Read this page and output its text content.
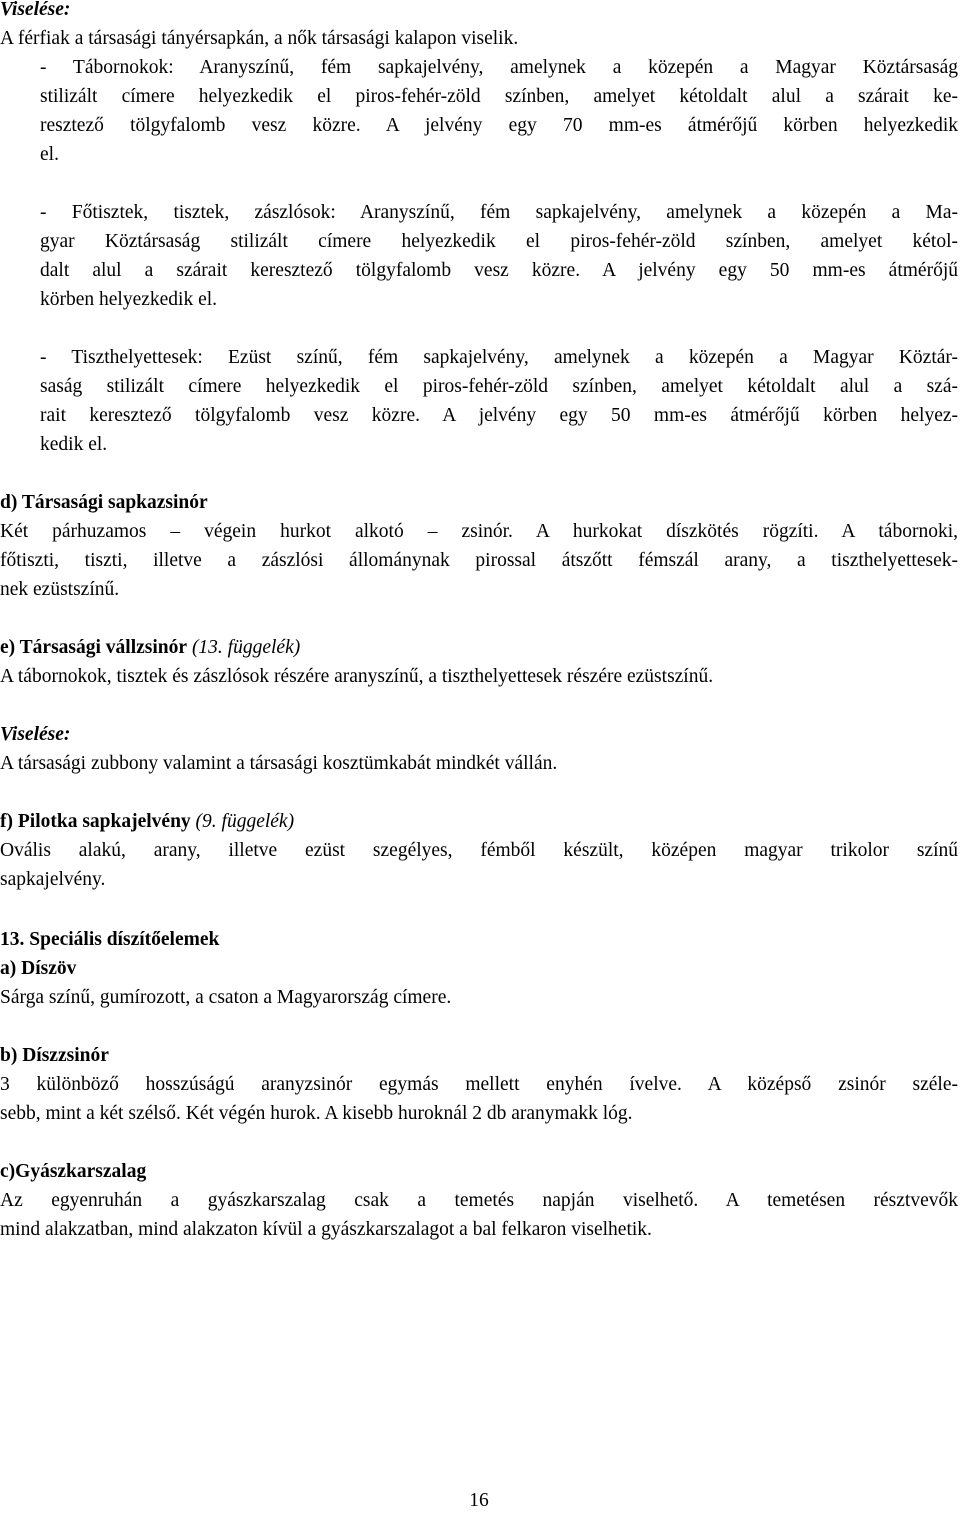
Viselése:
A férfiak a társasági tányérsapkán, a nők társasági kalapon viselik.
- Tábornokok: Aranyszínű, fém sapkajelvény, amelynek a közepén a Magyar Köztársaság
stilizált címere helyezkedik el piros-fehér-zöld színben, amelyet kétoldalt alul a szárait ke-
resztező tölgyfalomb vesz közre. A jelvény egy 70 mm-es átmérőjű körben helyezkedik
el.
- Főtisztek, tisztek, zászlósok: Aranyszínű, fém sapkajelvény, amelynek a közepén a Ma-
gyar Köztársaság stilizált címere helyezkedik el piros-fehér-zöld színben, amelyet kétol-
dalt alul a szárait keresztező tölgyfalomb vesz közre. A jelvény egy 50 mm-es átmérőjű
körben helyezkedik el.
- Tiszthelyettesek: Ezüst színű, fém sapkajelvény, amelynek a közepén a Magyar Köztár-
saság stilizált címere helyezkedik el piros-fehér-zöld színben, amelyet kétoldalt alul a szá-
rait keresztező tölgyfalomb vesz közre. A jelvény egy 50 mm-es átmérőjű körben helyez-
kedik el.
d) Társasági sapkazsinór
Két párhuzamos – végein hurkot alkotó – zsinór. A hurkokat díszkötés rögzíti. A tábornoki,
főtiszti, tiszti, illetve a zászlósi állománynak pirossal átszőtt fémszál arany, a tiszthelyettesek-
nek ezüstszínű.
e) Társasági vállzsinór (13. függelék)
A tábornokok, tisztek és zászlósok részére aranyszínű, a tiszthelyettesek részére ezüstszínű.
Viselése:
A társasági zubbony valamint a társasági kosztümkabát mindkét vállán.
f) Pilotka sapkajelvény (9. függelék)
Ovális alakú, arany, illetve ezüst szegélyes, fémből készült, középen magyar trikolor színű
sapkajelvény.
13. Speciális díszítőelemek
a) Díszöv
Sárga színű, gumírozott, a csaton a Magyarország címere.
b) Díszzsinór
3 különböző hosszúságú aranyzsinór egymás mellett enyhén ívelve. A középső zsinór széle-
sebb, mint a két szélső. Két végén hurok. A kisebb huroknál 2 db aranymakk lóg.
c)Gyászkarszalag
Az egyenruhán a gyászkarszalag csak a temetés napján viselhető. A temetésen résztvevők
mind alakzatban, mind alakzaton kívül a gyászkarszalagot a bal felkaron viselhetik.
16
